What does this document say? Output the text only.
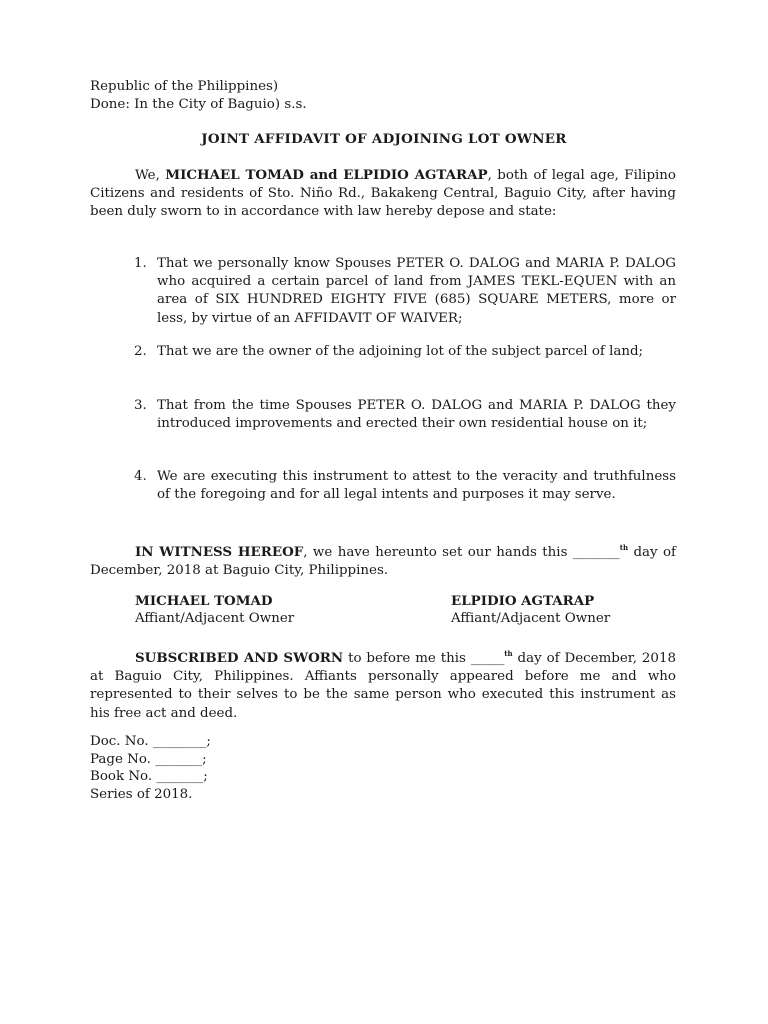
Republic of the Philippines)
Done: In the City of Baguio) s.s.
JOINT AFFIDAVIT OF ADJOINING LOT OWNER
We, MICHAEL TOMAD and ELPIDIO AGTARAP, both of legal age, Filipino Citizens and residents of Sto. Niño Rd., Bakakeng Central, Baguio City, after having been duly sworn to in accordance with law hereby depose and state:
1. That we personally know Spouses PETER O. DALOG and MARIA P. DALOG who acquired a certain parcel of land from JAMES TEKL-EQUEN with an area of SIX HUNDRED EIGHTY FIVE (685) SQUARE METERS, more or less, by virtue of an AFFIDAVIT OF WAIVER;
2. That we are the owner of the adjoining lot of the subject parcel of land;
3. That from the time Spouses PETER O. DALOG and MARIA P. DALOG they introduced improvements and erected their own residential house on it;
4. We are executing this instrument to attest to the veracity and truthfulness of the foregoing and for all legal intents and purposes it may serve.
IN WITNESS HEREOF, we have hereunto set our hands this _______$^{th}$ day of December, 2018 at Baguio City, Philippines.
MICHAEL TOMAD
Affiant/Adjacent Owner
ELPIDIO AGTARAP
Affiant/Adjacent Owner
SUBSCRIBED AND SWORN to before me this _____$^{th}$ day of December, 2018 at Baguio City, Philippines. Affiants personally appeared before me and who represented to their selves to be the same person who executed this instrument as his free act and deed.
Doc. No. ________;
Page No. _______;
Book No. _______;
Series of 2018.
